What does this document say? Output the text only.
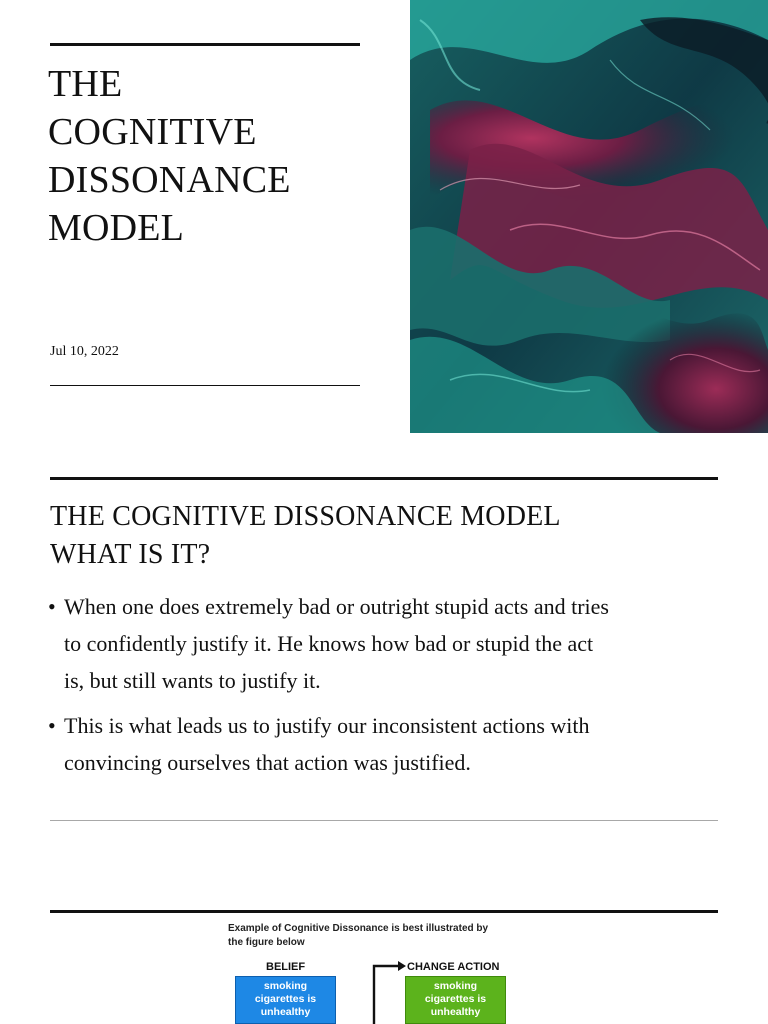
THE
COGNITIVE
DISSONANCE
MODEL
Jul 10, 2022
THE COGNITIVE DISSONANCE MODEL
WHAT IS IT?
• When one does extremely bad or outright stupid acts and tries
to confidently justify it. He knows how bad or stupid the act
is, but still wants to justify it.
• This is what leads us to justify our inconsistent actions with
convincing ourselves that action was justified.
Example of Cognitive Dissonance is best illustrated by
the figure below
BELIEF
smoking
cigarettes is
unhealthy
CHANGE ACTION
smoking
cigarettes is
unhealthy
